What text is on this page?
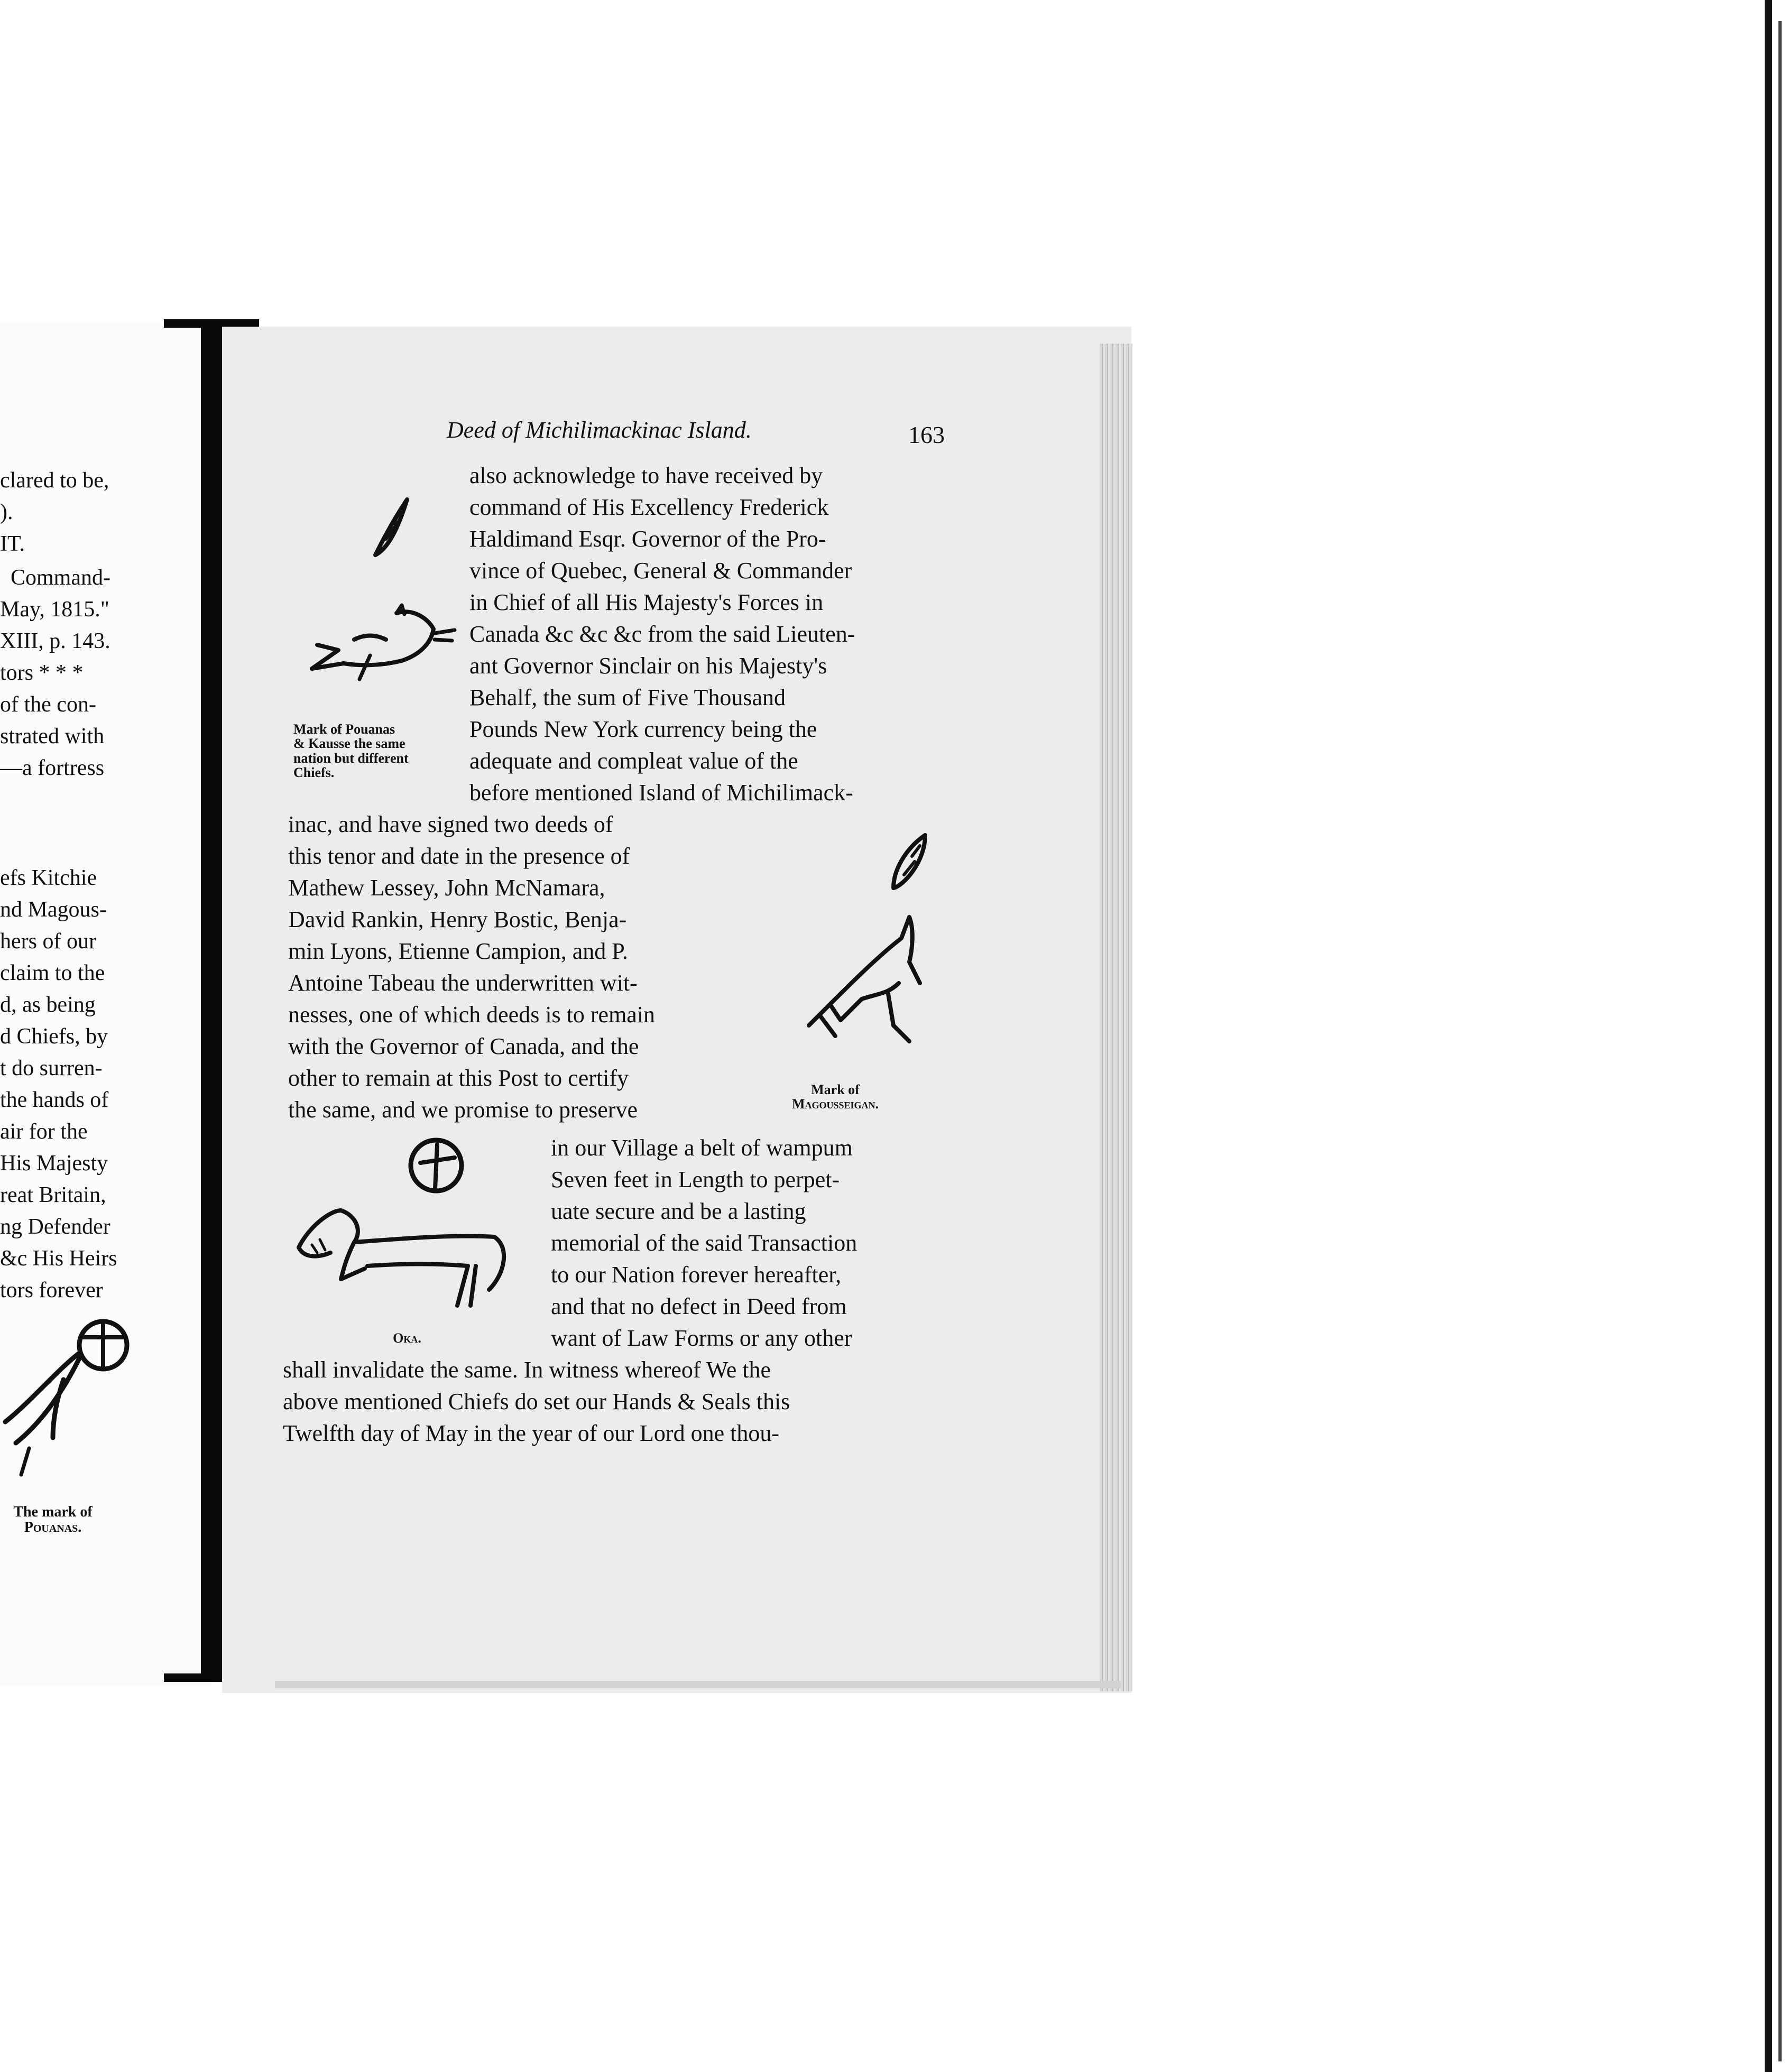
clared to be,
).
IT.
Command-
May, 1815."
XIII, p. 143.
tors * * *
of the con-
strated with
—a fortress
efs Kitchie
nd Magous-
hers of our
claim to the
d, as being
d Chiefs, by
t do surren-
the hands of
air for the
His Majesty
reat Britain,
ng Defender
&c His Heirs
tors forever
The mark of
Pouanas.
Deed of Michilimackinac Island.	163
also acknowledge to have received by
command of His Excellency Frederick
Haldimand Esqr. Governor of the Pro-
vince of Quebec, General & Commander
in Chief of all His Majesty's Forces in
Canada &c &c &c from the said Lieuten-
ant Governor Sinclair on his Majesty's
Behalf, the sum of Five Thousand
Pounds New York currency being the
adequate and compleat value of the
before mentioned Island of Michilimack-
Mark of Pouanas
& Kausse the same
nation but different
Chiefs.
inac, and have signed two deeds of
this tenor and date in the presence of
Mathew Lessey, John McNamara,
David Rankin, Henry Bostic, Benja-
min Lyons, Etienne Campion, and P.
Antoine Tabeau the underwritten wit-
nesses, one of which deeds is to remain
with the Governor of Canada, and the
other to remain at this Post to certify
the same, and we promise to preserve
Mark of
Magousseigan.
in our Village a belt of wampum
Seven feet in Length to perpet-
uate secure and be a lasting
memorial of the said Transaction
to our Nation forever hereafter,
and that no defect in Deed from
want of Law Forms or any other
Oka.
shall invalidate the same. In witness whereof We the
above mentioned Chiefs do set our Hands & Seals this
Twelfth day of May in the year of our Lord one thou-
